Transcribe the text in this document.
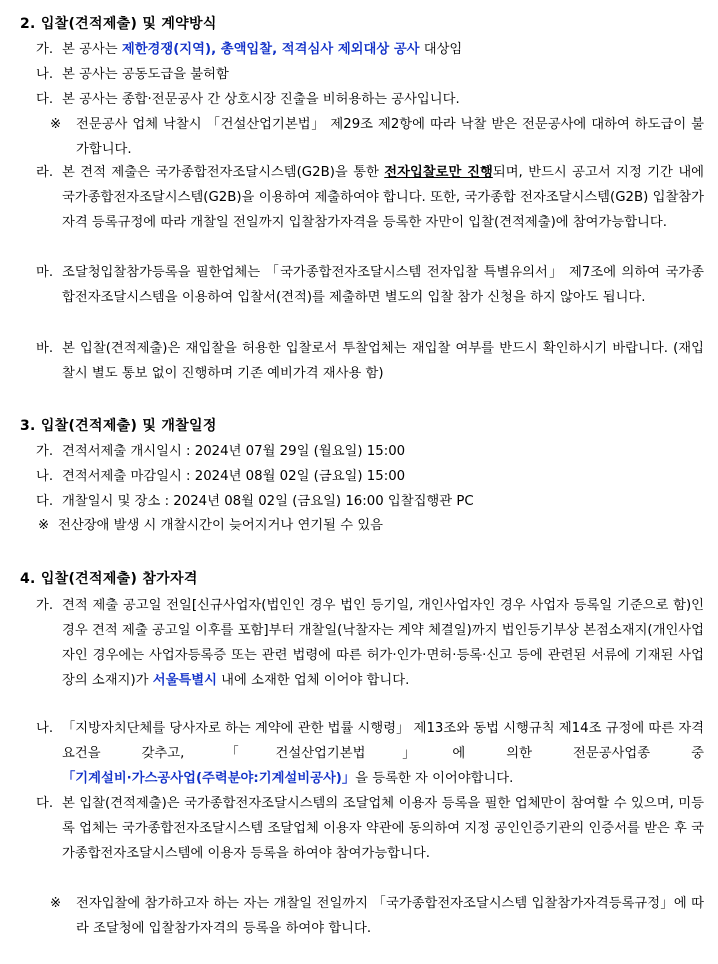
2. 입찰(견적제출) 및 계약방식
가. 본 공사는 제한경쟁(지역), 총액입찰, 적격심사 제외대상 공사 대상임
나. 본 공사는 공동도급을 불허함
다. 본 공사는 종합·전문공사 간 상호시장 진출을 비허용하는 공사입니다.
※ 전문공사 업체 낙찰시 「건설산업기본법」 제29조 제2항에 따라 낙찰 받은 전문공사에 대하여 하도급이 불가합니다.
라. 본 견적 제출은 국가종합전자조달시스템(G2B)을 통한 전자입찰로만 진행되며, 반드시 공고서 지정 기간 내에 국가종합전자조달시스템(G2B)을 이용하여 제출하여야 합니다. 또한, 국가종합 전자조달시스템(G2B) 입찰참가자격 등록규정에 따라 개찰일 전일까지 입찰참가자격을 등록한 자만이 입찰(견적제출)에 참여가능합니다.
마. 조달청입찰참가등록을 필한업체는 「국가종합전자조달시스템 전자입찰 특별유의서」 제7조에 의하여 국가종합전자조달시스템을 이용하여 입찰서(견적)를 제출하면 별도의 입찰 참가 신청을 하지 않아도 됩니다.
바. 본 입찰(견적제출)은 재입찰을 허용한 입찰로서 투찰업체는 재입찰 여부를 반드시 확인하시기 바랍니다. (재입찰시 별도 통보 없이 진행하며 기존 예비가격 재사용 함)
3. 입찰(견적제출) 및 개찰일정
가. 견적서제출 개시일시 : 2024년 07월 29일 (월요일) 15:00
나. 견적서제출 마감일시 : 2024년 08월 02일 (금요일) 15:00
다. 개찰일시 및 장소 : 2024년 08월 02일 (금요일) 16:00 입찰집행관 PC
※ 전산장애 발생 시 개찰시간이 늦어지거나 연기될 수 있음
4. 입찰(견적제출) 참가자격
가. 견적 제출 공고일 전일[신규사업자(법인인 경우 법인 등기일, 개인사업자인 경우 사업자 등록일 기준으로 함)인 경우 견적 제출 공고일 이후를 포함]부터 개찰일(낙찰자는 계약 체결일)까지 법인등기부상 본점소재지(개인사업자인 경우에는 사업자등록증 또는 관련 법령에 따른 허가·인가·면허·등록·신고 등에 관련된 서류에 기재된 사업장의 소재지)가 서울특별시 내에 소재한 업체 이어야 합니다.
나. 「지방자치단체를 당사자로 하는 계약에 관한 법률 시행령」 제13조와 동법 시행규칙 제14조 규정에 따른 자격요건을 갖추고, 「건설산업기본법」에 의한 전문공사업종 중 「기계설비·가스공사업(주력분야:기계설비공사)」을 등록한 자 이어야합니다.
다. 본 입찰(견적제출)은 국가종합전자조달시스템의 조달업체 이용자 등록을 필한 업체만이 참여할 수 있으며, 미등록 업체는 국가종합전자조달시스템 조달업체 이용자 약관에 동의하여 지정 공인인증기관의 인증서를 받은 후 국가종합전자조달시스템에 이용자 등록을 하여야 참여가능합니다.
※ 전자입찰에 참가하고자 하는 자는 개찰일 전일까지 「국가종합전자조달시스템 입찰참가자격등록규정」에 따라 조달청에 입찰참가자격의 등록을 하여야 합니다.
